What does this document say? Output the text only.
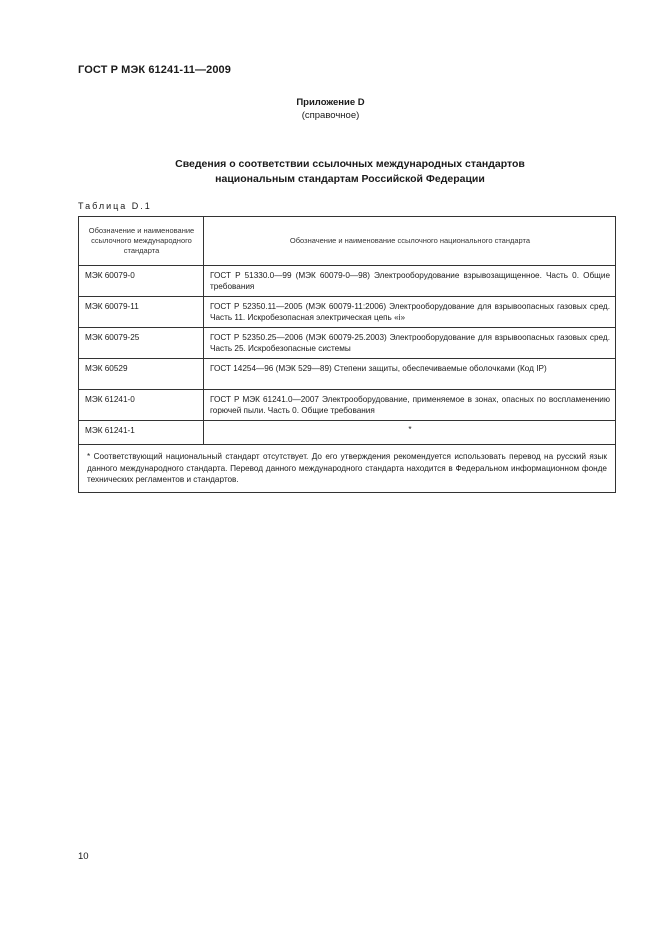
ГОСТ Р МЭК 61241-11—2009
Приложение D
(справочное)
Сведения о соответствии ссылочных международных стандартов
национальным стандартам Российской Федерации
Таблица D.1
Обозначение и наименование ссылочного международного стандарта	Обозначение и наименование ссылочного национального стандарта
МЭК 60079-0	ГОСТ Р 51330.0—99 (МЭК 60079-0—98) Электрооборудование взрывозащищенное. Часть 0. Общие требования
МЭК 60079-11	ГОСТ Р 52350.11—2005 (МЭК 60079-11:2006) Электрооборудование для взрывоопасных газовых сред. Часть 11. Искробезопасная электрическая цепь «i»
МЭК 60079-25	ГОСТ Р 52350.25—2006 (МЭК 60079-25.2003) Электрооборудование для взрывоопасных газовых сред. Часть 25. Искробезопасные системы
МЭК 60529	ГОСТ 14254—96 (МЭК 529—89) Степени защиты, обеспечиваемые оболочками (Код IP)
МЭК 61241-0	ГОСТ Р МЭК 61241.0—2007 Электрооборудование, применяемое в зонах, опасных по воспламенению горючей пыли. Часть 0. Общие требования
МЭК 61241-1	*
* Соответствующий национальный стандарт отсутствует. До его утверждения рекомендуется использовать перевод на русский язык данного международного стандарта. Перевод данного международного стандарта находится в Федеральном информационном фонде технических регламентов и стандартов.	
10
